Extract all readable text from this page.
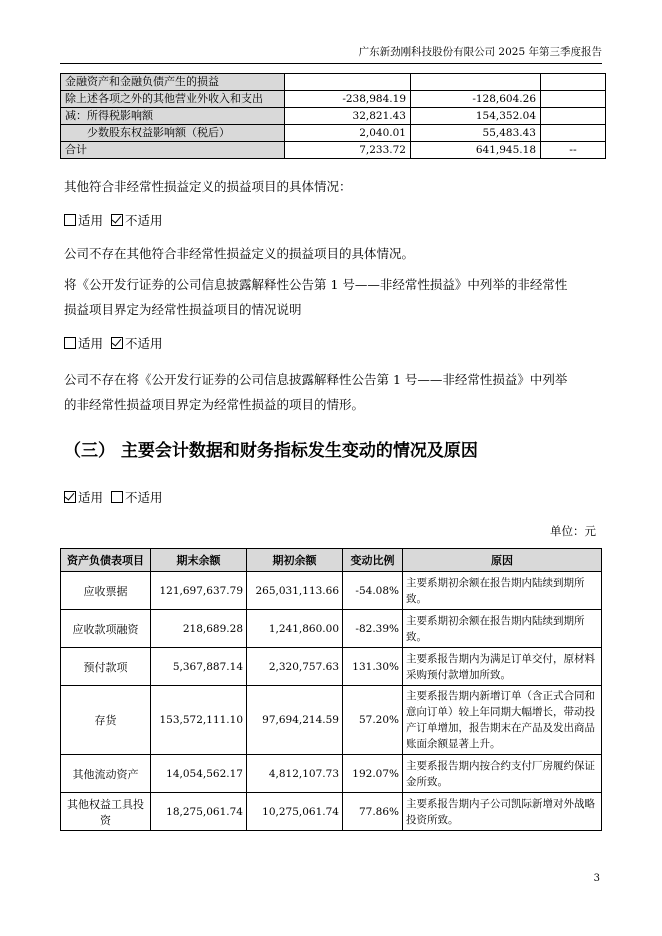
广东新劲刚科技股份有限公司 2025 年第三季度报告
金融资产和金融负债产生的损益			
除上述各项之外的其他营业外收入和支出	-238,984.19	-128,604.26	
减：所得税影响额	32,821.43	154,352.04	
少数股东权益影响额（税后）	2,040.01	55,483.43	
合计	7,233.72	641,945.18	--
其他符合非经常性损益定义的损益项目的具体情况：
适用 不适用
公司不存在其他符合非经常性损益定义的损益项目的具体情况。
将《公开发行证券的公司信息披露解释性公告第 1 号——非经常性损益》中列举的非经常性
损益项目界定为经常性损益项目的情况说明
适用 不适用
公司不存在将《公开发行证券的公司信息披露解释性公告第 1 号——非经常性损益》中列举
的非经常性损益项目界定为经常性损益的项目的情形。
（三） 主要会计数据和财务指标发生变动的情况及原因
适用 不适用
单位：元
资产负债表项目	期末余额	期初余额	变动比例	原因
应收票据	121,697,637.79	265,031,113.66	-54.08%	主要系期初余额在报告期内陆续到期所致。
应收款项融资	218,689.28	1,241,860.00	-82.39%	主要系期初余额在报告期内陆续到期所致。
预付款项	5,367,887.14	2,320,757.63	131.30%	主要系报告期内为满足订单交付，原材料采购预付款增加所致。
存货	153,572,111.10	97,694,214.59	57.20%	主要系报告期内新增订单（含正式合同和意向订单）较上年同期大幅增长，带动投产订单增加，报告期末在产品及发出商品账面余额显著上升。
其他流动资产	14,054,562.17	4,812,107.73	192.07%	主要系报告期内按合约支付厂房履约保证金所致。
其他权益工具投资	18,275,061.74	10,275,061.74	77.86%	主要系报告期内子公司凯际新增对外战略投资所致。
3
